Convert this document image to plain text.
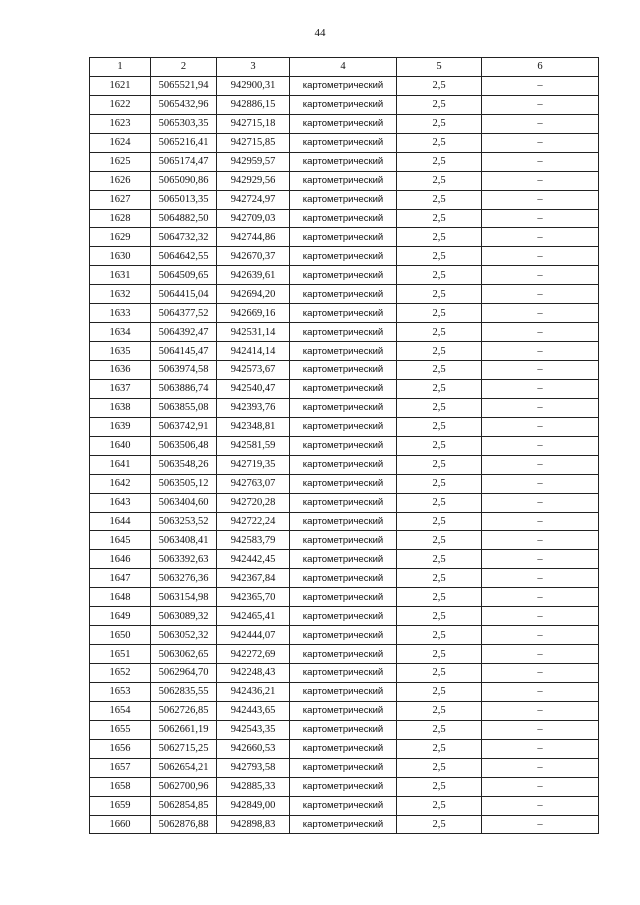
44
1	2	3	4	5	6
1621	5065521,94	942900,31	картометрический	2,5	–
1622	5065432,96	942886,15	картометрический	2,5	–
1623	5065303,35	942715,18	картометрический	2,5	–
1624	5065216,41	942715,85	картометрический	2,5	–
1625	5065174,47	942959,57	картометрический	2,5	–
1626	5065090,86	942929,56	картометрический	2,5	–
1627	5065013,35	942724,97	картометрический	2,5	–
1628	5064882,50	942709,03	картометрический	2,5	–
1629	5064732,32	942744,86	картометрический	2,5	–
1630	5064642,55	942670,37	картометрический	2,5	–
1631	5064509,65	942639,61	картометрический	2,5	–
1632	5064415,04	942694,20	картометрический	2,5	–
1633	5064377,52	942669,16	картометрический	2,5	–
1634	5064392,47	942531,14	картометрический	2,5	–
1635	5064145,47	942414,14	картометрический	2,5	–
1636	5063974,58	942573,67	картометрический	2,5	–
1637	5063886,74	942540,47	картометрический	2,5	–
1638	5063855,08	942393,76	картометрический	2,5	–
1639	5063742,91	942348,81	картометрический	2,5	–
1640	5063506,48	942581,59	картометрический	2,5	–
1641	5063548,26	942719,35	картометрический	2,5	–
1642	5063505,12	942763,07	картометрический	2,5	–
1643	5063404,60	942720,28	картометрический	2,5	–
1644	5063253,52	942722,24	картометрический	2,5	–
1645	5063408,41	942583,79	картометрический	2,5	–
1646	5063392,63	942442,45	картометрический	2,5	–
1647	5063276,36	942367,84	картометрический	2,5	–
1648	5063154,98	942365,70	картометрический	2,5	–
1649	5063089,32	942465,41	картометрический	2,5	–
1650	5063052,32	942444,07	картометрический	2,5	–
1651	5063062,65	942272,69	картометрический	2,5	–
1652	5062964,70	942248,43	картометрический	2,5	–
1653	5062835,55	942436,21	картометрический	2,5	–
1654	5062726,85	942443,65	картометрический	2,5	–
1655	5062661,19	942543,35	картометрический	2,5	–
1656	5062715,25	942660,53	картометрический	2,5	–
1657	5062654,21	942793,58	картометрический	2,5	–
1658	5062700,96	942885,33	картометрический	2,5	–
1659	5062854,85	942849,00	картометрический	2,5	–
1660	5062876,88	942898,83	картометрический	2,5	–
